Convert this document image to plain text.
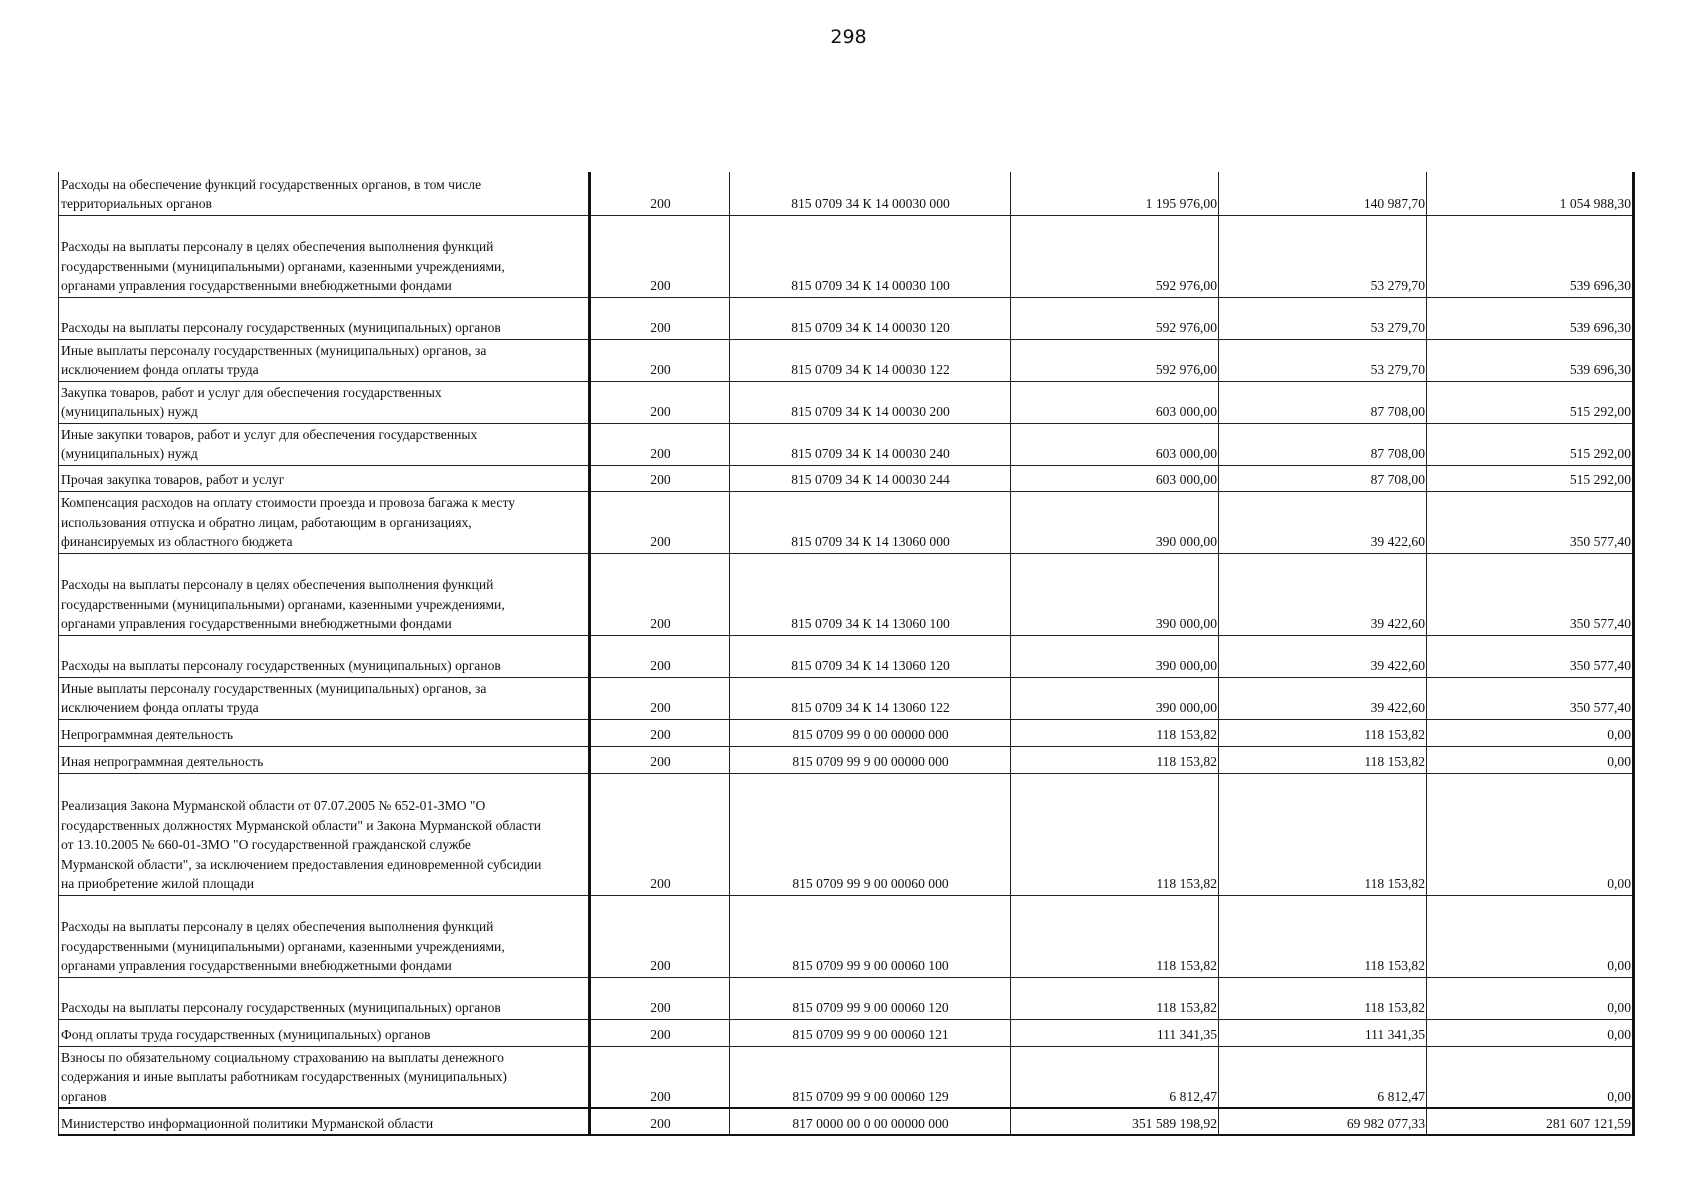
298
Расходы на обеспечение функций государственных органов, в том числе
территориальных органов	200	815 0709 34 К 14 00030 000	1 195 976,00	140 987,70	1 054 988,30

Расходы на выплаты персоналу в целях обеспечения выполнения функций
государственными (муниципальными) органами, казенными учреждениями,
органами управления государственными внебюджетными фондами	200	815 0709 34 К 14 00030 100	592 976,00	53 279,70	539 696,30

Расходы на выплаты персоналу государственных (муниципальных) органов	200	815 0709 34 К 14 00030 120	592 976,00	53 279,70	539 696,30

Иные выплаты персоналу государственных (муниципальных) органов, за
исключением фонда оплаты труда	200	815 0709 34 К 14 00030 122	592 976,00	53 279,70	539 696,30

Закупка товаров, работ и услуг для обеспечения государственных
(муниципальных) нужд	200	815 0709 34 К 14 00030 200	603 000,00	87 708,00	515 292,00

Иные закупки товаров, работ и услуг для обеспечения государственных
(муниципальных) нужд	200	815 0709 34 К 14 00030 240	603 000,00	87 708,00	515 292,00

Прочая закупка товаров, работ и услуг	200	815 0709 34 К 14 00030 244	603 000,00	87 708,00	515 292,00

Компенсация расходов на оплату стоимости проезда и провоза багажа к месту
использования отпуска и обратно лицам, работающим в организациях,
финансируемых из областного бюджета	200	815 0709 34 К 14 13060 000	390 000,00	39 422,60	350 577,40

Расходы на выплаты персоналу в целях обеспечения выполнения функций
государственными (муниципальными) органами, казенными учреждениями,
органами управления государственными внебюджетными фондами	200	815 0709 34 К 14 13060 100	390 000,00	39 422,60	350 577,40

Расходы на выплаты персоналу государственных (муниципальных) органов	200	815 0709 34 К 14 13060 120	390 000,00	39 422,60	350 577,40

Иные выплаты персоналу государственных (муниципальных) органов, за
исключением фонда оплаты труда	200	815 0709 34 К 14 13060 122	390 000,00	39 422,60	350 577,40

Непрограммная деятельность	200	815 0709 99 0 00 00000 000	118 153,82	118 153,82	0,00

Иная непрограммная деятельность	200	815 0709 99 9 00 00000 000	118 153,82	118 153,82	0,00

Реализация Закона Мурманской области от 07.07.2005 № 652-01-ЗМО "О
государственных должностях Мурманской области" и Закона Мурманской области
от 13.10.2005 № 660-01-ЗМО "О государственной гражданской службе
Мурманской области", за исключением предоставления единовременной субсидии
на приобретение жилой площади	200	815 0709 99 9 00 00060 000	118 153,82	118 153,82	0,00

Расходы на выплаты персоналу в целях обеспечения выполнения функций
государственными (муниципальными) органами, казенными учреждениями,
органами управления государственными внебюджетными фондами	200	815 0709 99 9 00 00060 100	118 153,82	118 153,82	0,00

Расходы на выплаты персоналу государственных (муниципальных) органов	200	815 0709 99 9 00 00060 120	118 153,82	118 153,82	0,00

Фонд оплаты труда государственных (муниципальных) органов	200	815 0709 99 9 00 00060 121	111 341,35	111 341,35	0,00

Взносы по обязательному социальному страхованию на выплаты денежного
содержания и иные выплаты работникам государственных (муниципальных)
органов	200	815 0709 99 9 00 00060 129	6 812,47	6 812,47	0,00

Министерство информационной политики Мурманской области	200	817 0000 00 0 00 00000 000	351 589 198,92	69 982 077,33	281 607 121,59
